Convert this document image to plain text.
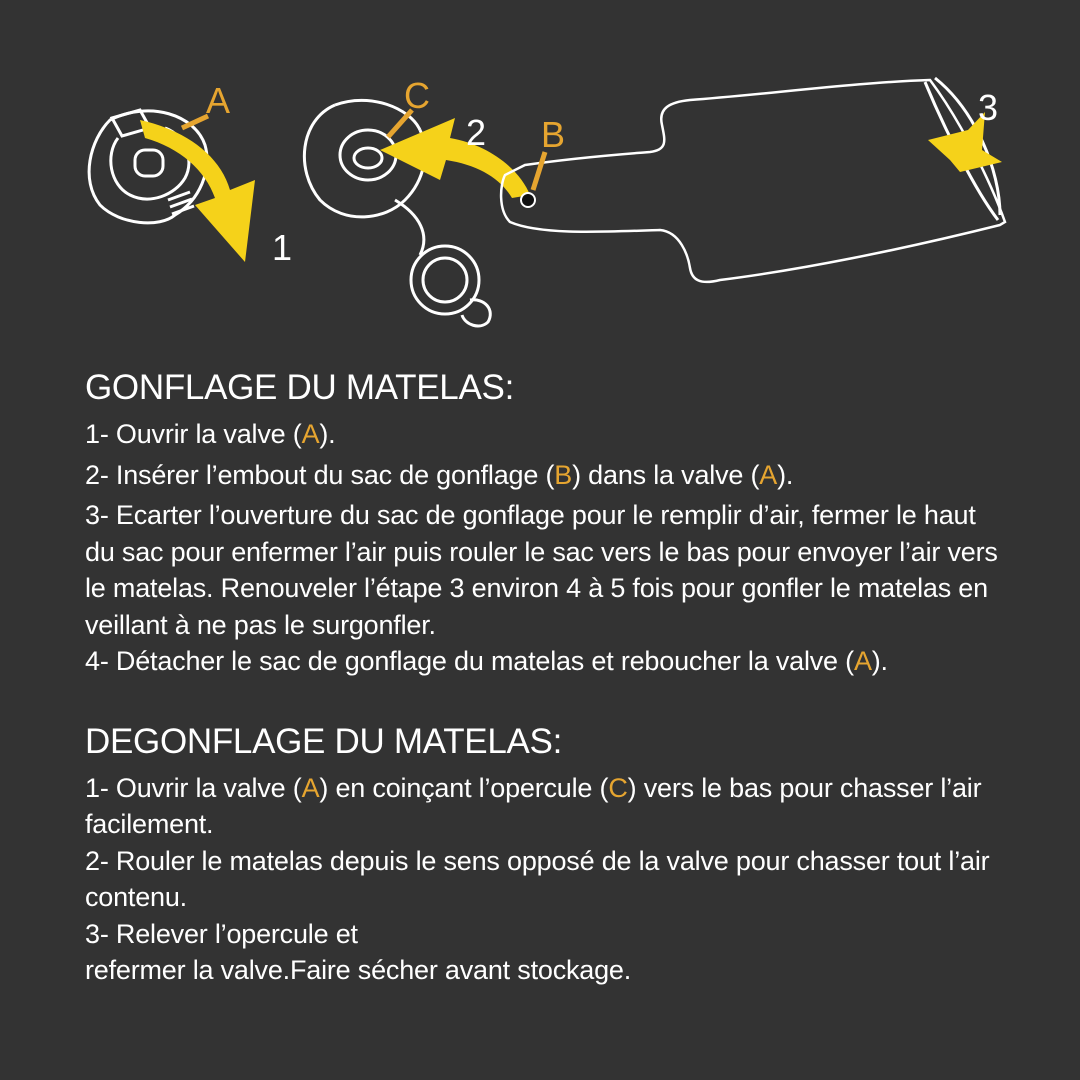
A
1
C
2 B
3
GONFLAGE DU MATELAS:

1- Ouvrir la valve (A).

2- Insérer l’embout du sac de gonflage (B) dans la valve (A).

3- Ecarter l’ouverture du sac de gonflage pour le remplir d’air, fermer le haut du sac pour enfermer l’air puis rouler le sac vers le bas pour envoyer l’air vers le matelas. Renouveler l’étape 3 environ 4 à 5 fois pour gonfler le matelas en veillant à ne pas le surgonfler.

4- Détacher le sac de gonflage du matelas et reboucher la valve (A).

DEGONFLAGE DU MATELAS:

1- Ouvrir la valve (A) en coinçant l’opercule (C) vers le bas pour chasser l’air facilement.

2- Rouler le matelas depuis le sens opposé de la valve pour chasser tout l’air contenu.

3- Relever l’opercule et
refermer la valve.Faire sécher avant stockage.
